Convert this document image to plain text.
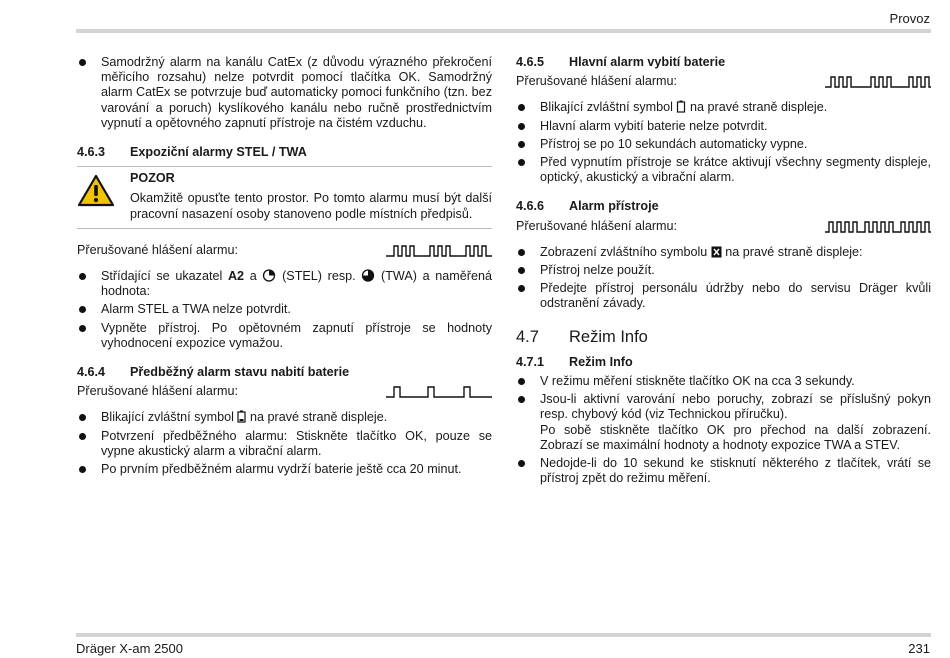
Provoz
Samodržný alarm na kanálu CatEx (z důvodu výrazného překročení měřicího rozsahu) nelze potvrdit pomocí tlačítka OK. Samodržný alarm CatEx se potvrzuje buď automaticky pomoci funkčního (tzn. bez varování a poruch) kyslíkového kanálu nebo ručně prostřednictvím vypnutí a opětovného zapnutí přístroje na čistém vzduchu.
4.6.3	Expoziční alarmy STEL / TWA

POZOR

Okamžitě opusťte tento prostor. Po tomto alarmu musí být další pracovní nasazení osoby stanoveno podle místních předpisů.

Přerušované hlášení alarmu:
Střídající se ukazatel A2 a  (STEL) resp.  (TWA) a naměřená hodnota:
Alarm STEL a TWA nelze potvrdit.
Vypněte přístroj. Po opětovném zapnutí přístroje se hodnoty vyhodnocení expozice vymažou.
4.6.4	Předběžný alarm stavu nabití baterie
Přerušované hlášení alarmu:
Blikající zvláštní symbol  na pravé straně displeje.
Potvrzení předběžného alarmu: Stiskněte tlačítko OK, pouze se vypne akustický alarm a vibrační alarm.
Po prvním předběžném alarmu vydrží baterie ještě cca 20 minut.
4.6.5	Hlavní alarm vybití baterie
Přerušované hlášení alarmu:
Blikající zvláštní symbol  na pravé straně displeje.
Hlavní alarm vybití baterie nelze potvrdit.
Přístroj se po 10 sekundách automaticky vypne.
Před vypnutím přístroje se krátce aktivují všechny segmenty displeje, optický, akustický a vibrační alarm.
4.6.6	Alarm přístroje
Přerušované hlášení alarmu:
Zobrazení zvláštního symbolu  na pravé straně displeje:
Přístroj nelze použít.
Předejte přístroj personálu údržby nebo do servisu Dräger kvůli odstranění závady.
4.7	Režim Info
4.7.1	Režim Info
V režimu měření stiskněte tlačítko OK na cca 3 sekundy.

Jsou-li aktivní varování nebo poruchy, zobrazí se příslušný pokyn resp. chybový kód (viz Technickou příručku).

Po sobě stiskněte tlačítko OK pro přechod na další zobrazení. Zobrazí se maximální hodnoty a hodnoty expozice TWA a STEV.

Nedojde-li do 10 sekund ke stisknutí některého z tlačítek, vrátí se přístroj zpět do režimu měření.
Dräger X-am 2500	231
